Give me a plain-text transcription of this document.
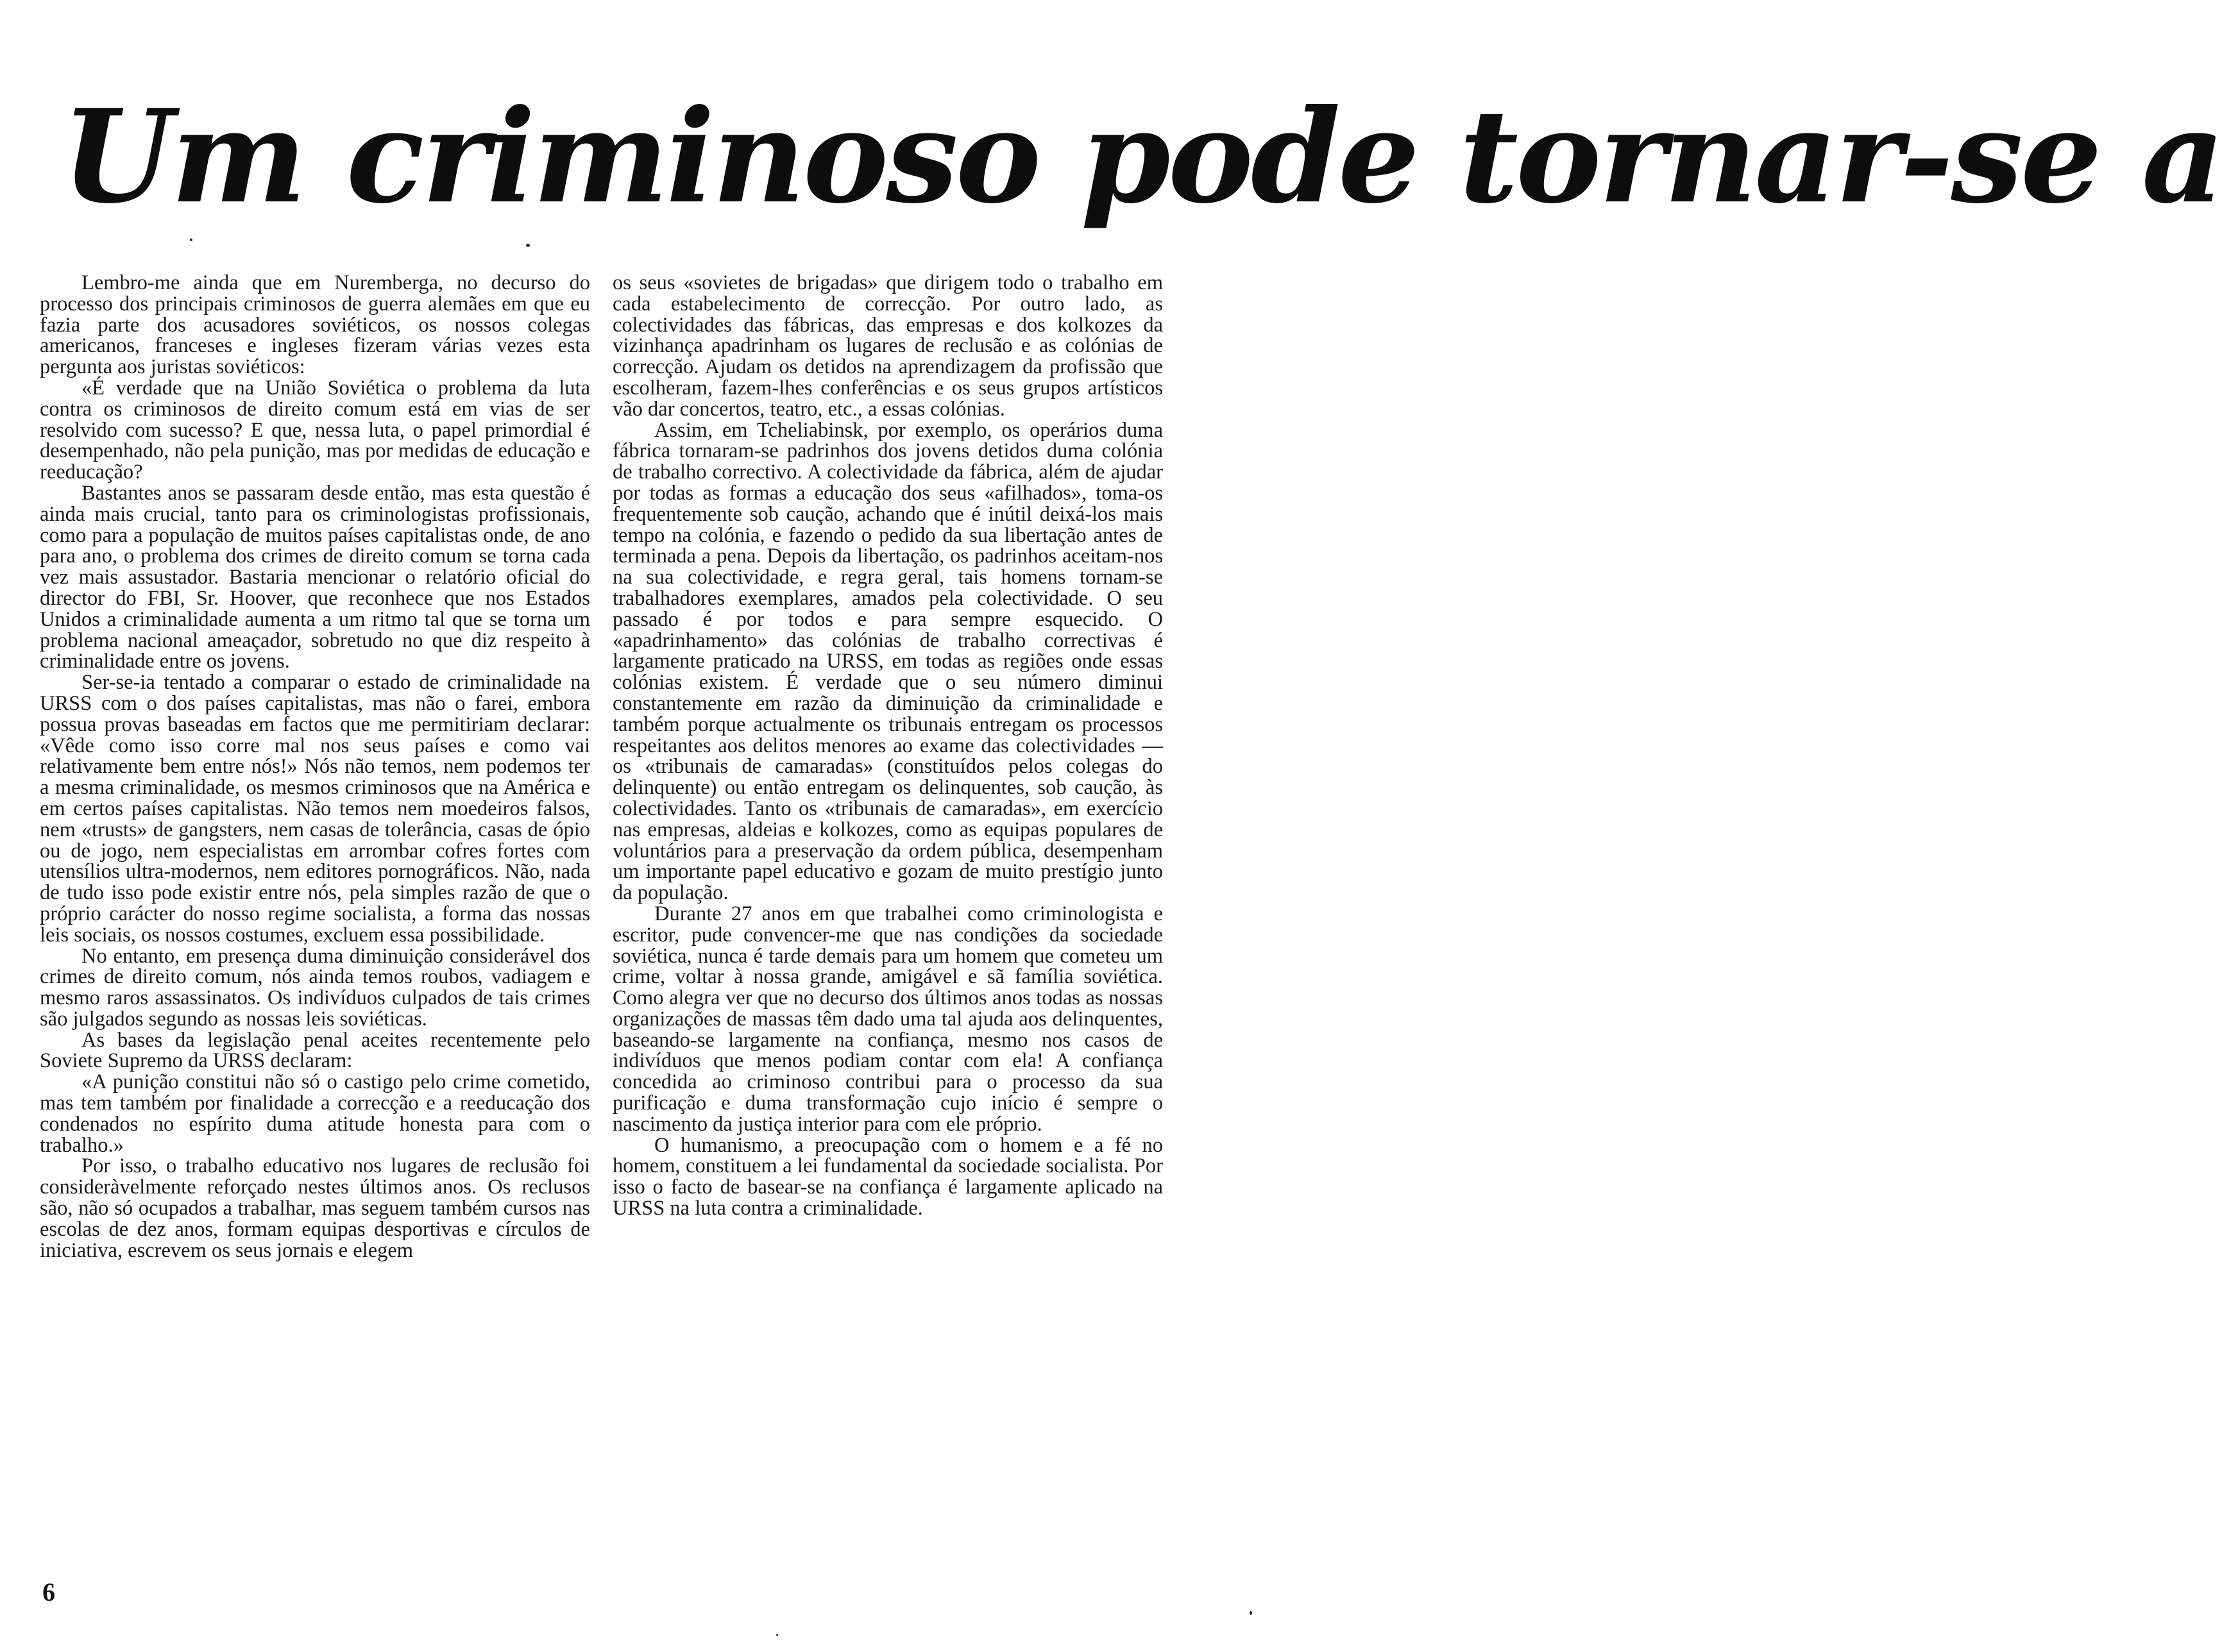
Um criminoso pode tornar-se a

Lembro-me ainda que em Nuremberga, no decurso do processo dos principais criminosos de guerra alemães em que eu fazia parte dos acusadores soviéticos, os nossos colegas americanos, franceses e ingleses fizeram várias vezes esta pergunta aos juristas soviéticos:

«É verdade que na União Soviética o problema da luta contra os criminosos de direito comum está em vias de ser resolvido com sucesso? E que, nessa luta, o papel primordial é desempenhado, não pela punição, mas por medidas de educação e reeducação?

Bastantes anos se passaram desde então, mas esta questão é ainda mais crucial, tanto para os criminologistas profissionais, como para a população de muitos países capitalistas onde, de ano para ano, o problema dos crimes de direito comum se torna cada vez mais assustador. Bastaria mencionar o relatório oficial do director do FBI, Sr. Hoover, que reconhece que nos Estados Unidos a criminalidade aumenta a um ritmo tal que se torna um problema nacional ameaçador, sobretudo no que diz respeito à criminalidade entre os jovens.

Ser-se-ia tentado a comparar o estado de criminalidade na URSS com o dos países capitalistas, mas não o farei, embora possua provas baseadas em factos que me permitiriam declarar: «Vêde como isso corre mal nos seus países e como vai relativamente bem entre nós!» Nós não temos, nem podemos ter a mesma criminalidade, os mesmos criminosos que na América e em certos países capitalistas. Não temos nem moedeiros falsos, nem «trusts» de gangsters, nem casas de tolerância, casas de ópio ou de jogo, nem especialistas em arrombar cofres fortes com utensílios ultra-modernos, nem editores pornográficos. Não, nada de tudo isso pode existir entre nós, pela simples razão de que o próprio carácter do nosso regime socialista, a forma das nossas leis sociais, os nossos costumes, excluem essa possibilidade.

No entanto, em presença duma diminuição considerável dos crimes de direito comum, nós ainda temos roubos, vadiagem e mesmo raros assassinatos. Os indivíduos culpados de tais crimes são julgados segundo as nossas leis soviéticas.

As bases da legislação penal aceites recentemente pelo Soviete Supremo da URSS declaram:

«A punição constitui não só o castigo pelo crime cometido, mas tem também por finalidade a correcção e a reeducação dos condenados no espírito duma atitude honesta para com o trabalho.»

Por isso, o trabalho educativo nos lugares de reclusão foi consideràvelmente reforçado nestes últimos anos. Os reclusos são, não só ocupados a trabalhar, mas seguem também cursos nas escolas de dez anos, formam equipas desportivas e círculos de iniciativa, escrevem os seus jornais e elegem

os seus «sovietes de brigadas» que dirigem todo o trabalho em cada estabelecimento de correcção. Por outro lado, as colectividades das fábricas, das empresas e dos kolkozes da vizinhança apadrinham os lugares de reclusão e as colónias de correcção. Ajudam os detidos na aprendizagem da profissão que escolheram, fazem-lhes conferências e os seus grupos artísticos vão dar concertos, teatro, etc., a essas colónias.

Assim, em Tcheliabinsk, por exemplo, os operários duma fábrica tornaram-se padrinhos dos jovens detidos duma colónia de trabalho correctivo. A colectividade da fábrica, além de ajudar por todas as formas a educação dos seus «afilhados», toma-os frequentemente sob caução, achando que é inútil deixá-los mais tempo na colónia, e fazendo o pedido da sua libertação antes de terminada a pena. Depois da libertação, os padrinhos aceitam-nos na sua colectividade, e regra geral, tais homens tornam-se trabalhadores exemplares, amados pela colectividade. O seu passado é por todos e para sempre esquecido. O «apadrinhamento» das colónias de trabalho correctivas é largamente praticado na URSS, em todas as regiões onde essas colónias existem. É verdade que o seu número diminui constantemente em razão da diminuição da criminalidade e também porque actualmente os tribunais entregam os processos respeitantes aos delitos menores ao exame das colectividades — os «tribunais de camaradas» (constituídos pelos colegas do delinquente) ou então entregam os delinquentes, sob caução, às colectividades. Tanto os «tribunais de camaradas», em exercício nas empresas, aldeias e kolkozes, como as equipas populares de voluntários para a preservação da ordem pública, desempenham um importante papel educativo e gozam de muito prestígio junto da população.

Durante 27 anos em que trabalhei como criminologista e escritor, pude convencer-me que nas condições da sociedade soviética, nunca é tarde demais para um homem que cometeu um crime, voltar à nossa grande, amigável e sã família soviética. Como alegra ver que no decurso dos últimos anos todas as nossas organizações de massas têm dado uma tal ajuda aos delinquentes, baseando-se largamente na confiança, mesmo nos casos de indivíduos que menos podiam contar com ela! A confiança concedida ao criminoso contribui para o processo da sua purificação e duma transformação cujo início é sempre o nascimento da justiça interior para com ele próprio.

O humanismo, a preocupação com o homem e a fé no homem, constituem a lei fundamental da sociedade socialista. Por isso o facto de basear-se na confiança é largamente aplicado na URSS na luta contra a criminalidade.

6
